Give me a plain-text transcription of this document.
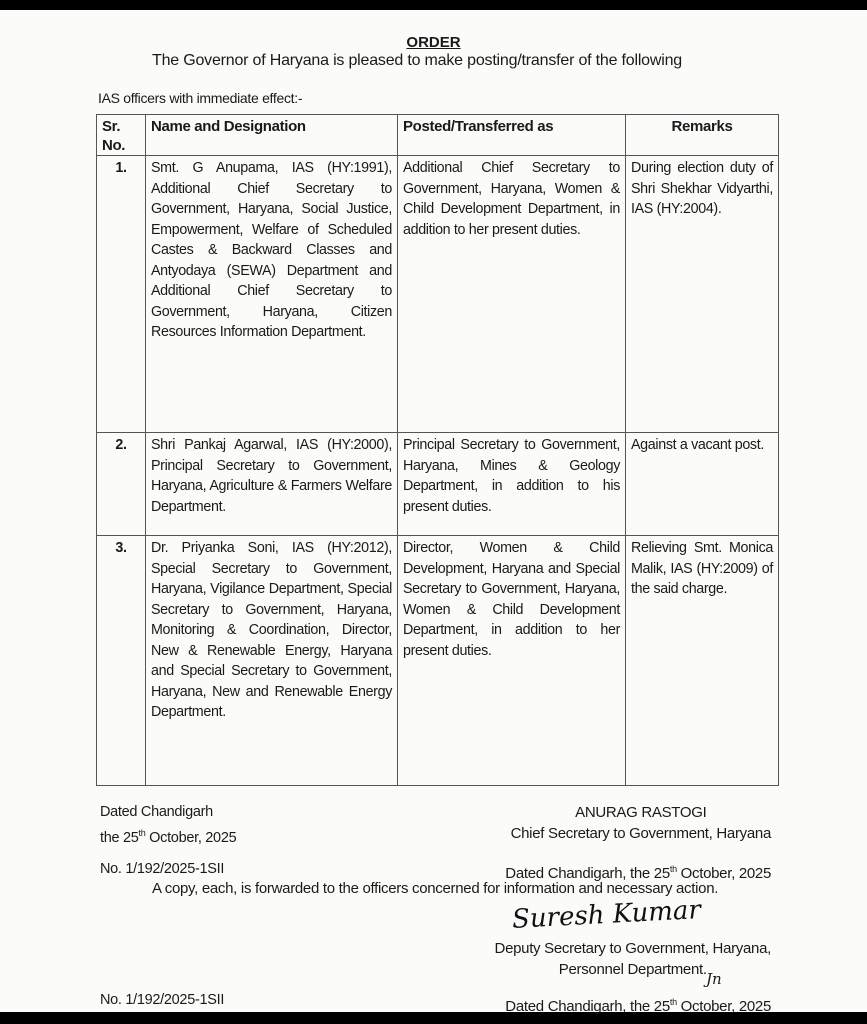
ORDER
The Governor of Haryana is pleased to make posting/transfer of the following
IAS officers with immediate effect:-
Sr. No.	Name and Designation	Posted/Transferred as	Remarks
1.	Smt. G Anupama, IAS (HY:1991), Additional Chief Secretary to Government, Haryana, Social Justice, Empowerment, Welfare of Scheduled Castes & Backward Classes and Antyodaya (SEWA) Department and Additional Chief Secretary to Government, Haryana, Citizen Resources Information Department.	Additional Chief Secretary to Government, Haryana, Women & Child Development Department, in addition to her present duties.	During election duty of Shri Shekhar Vidyarthi, IAS (HY:2004).
2.	Shri Pankaj Agarwal, IAS (HY:2000), Principal Secretary to Government, Haryana, Agriculture & Farmers Welfare Department.	Principal Secretary to Government, Haryana, Mines & Geology Department, in addition to his present duties.	Against a vacant post.
3.	Dr. Priyanka Soni, IAS (HY:2012), Special Secretary to Government, Haryana, Vigilance Department, Special Secretary to Government, Haryana, Monitoring & Coordination, Director, New & Renewable Energy, Haryana and Special Secretary to Government, Haryana, New and Renewable Energy Department.	Director, Women & Child Development, Haryana and Special Secretary to Government, Haryana, Women & Child Development Department, in addition to her present duties.	Relieving Smt. Monica Malik, IAS (HY:2009) of the said charge.
Dated Chandigarh
the 25th October, 2025
ANURAG RASTOGI
Chief Secretary to Government, Haryana
No. 1/192/2025-1SII	Dated Chandigarh, the 25th October, 2025
A copy, each, is forwarded to the officers concerned for information and necessary action.
Suresh Kumar
Deputy Secretary to Government, Haryana,
Personnel Department.
Jn
No. 1/192/2025-1SII	Dated Chandigarh, the 25th October, 2025
